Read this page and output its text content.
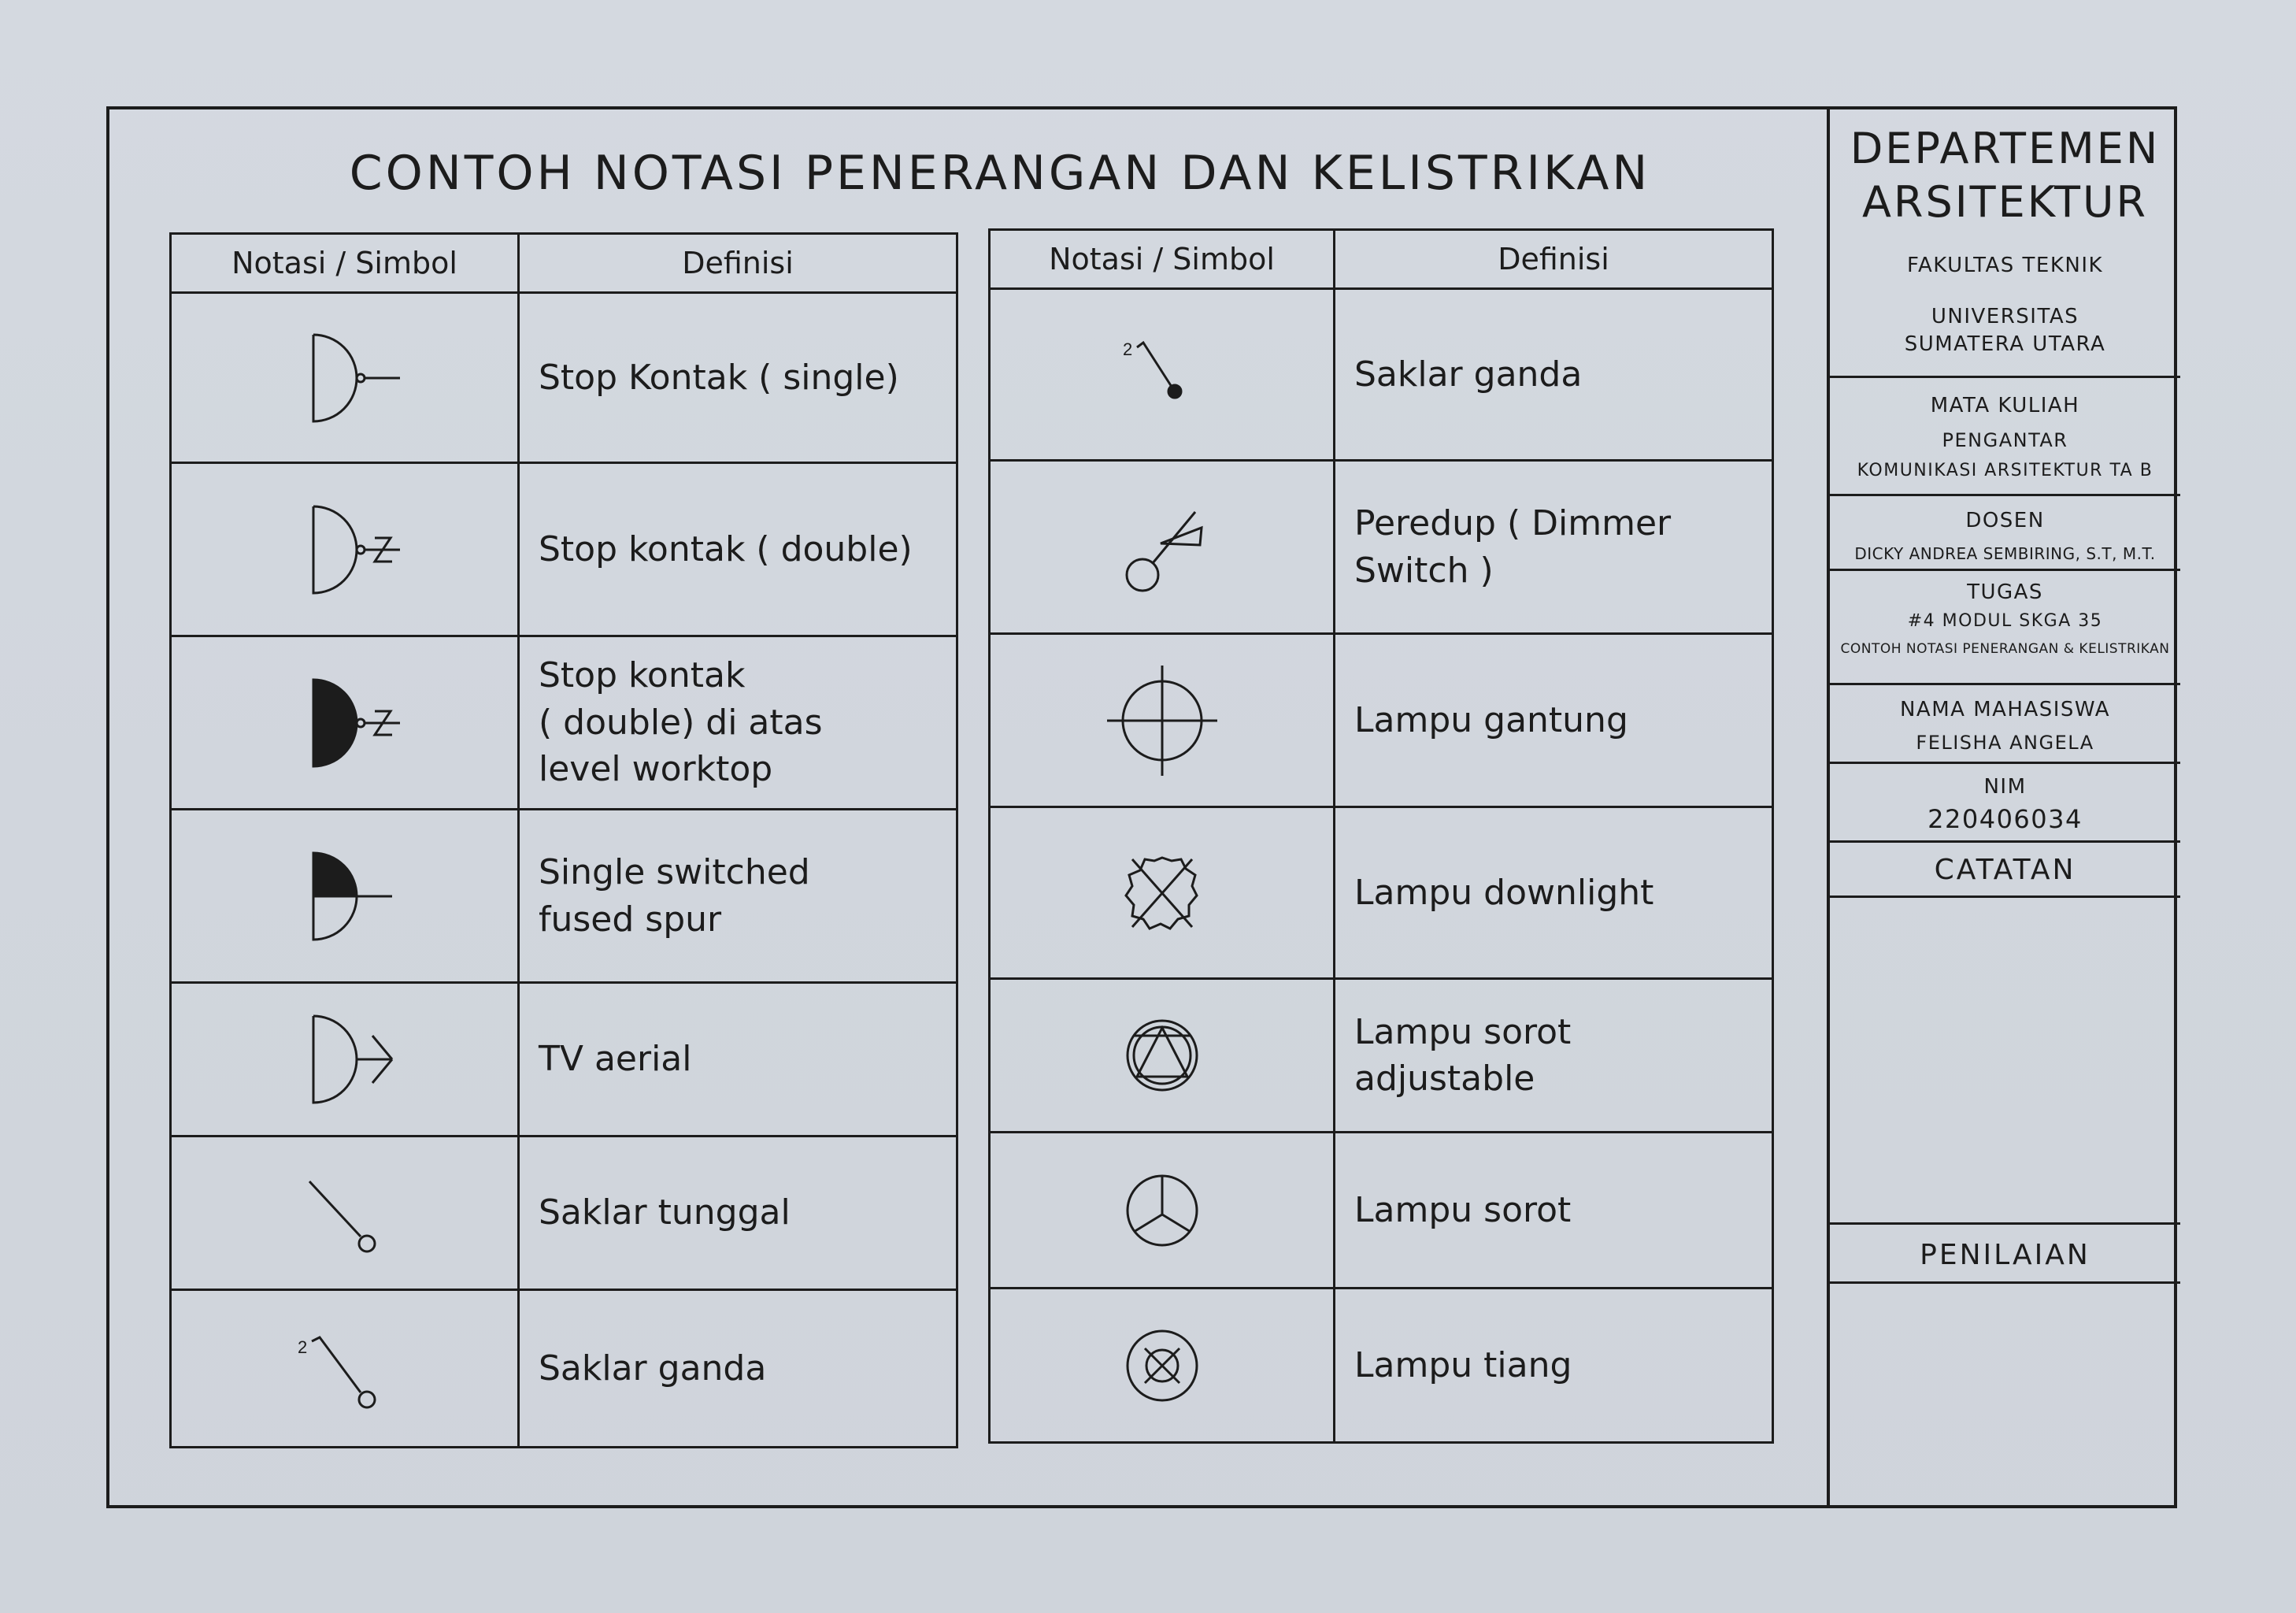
CONTOH NOTASI PENERANGAN DAN KELISTRIKAN
Notasi / Simbol	Definisi

	Stop Kontak ( single)

	Stop kontak ( double)

	Stop kontak
( double) di atas
level worktop

	Single switched
fused spur

	TV aerial

	Saklar tunggal

2	Saklar ganda
Notasi / Simbol	Definisi

2	Saklar ganda

	Peredup ( Dimmer
Switch )

	Lampu gantung

	Lampu downlight

	Lampu sorot
adjustable

	Lampu sorot

	Lampu tiang
DEPARTEMEN
ARSITEKTUR
FAKULTAS TEKNIK
UNIVERSITAS
SUMATERA UTARA
MATA KULIAH
PENGANTAR
KOMUNIKASI ARSITEKTUR TA B
DOSEN
DICKY ANDREA SEMBIRING, S.T, M.T.
TUGAS
#4 MODUL SKGA 35
CONTOH NOTASI PENERANGAN & KELISTRIKAN
NAMA MAHASISWA
FELISHA ANGELA
NIM
220406034
CATATAN
PENILAIAN
